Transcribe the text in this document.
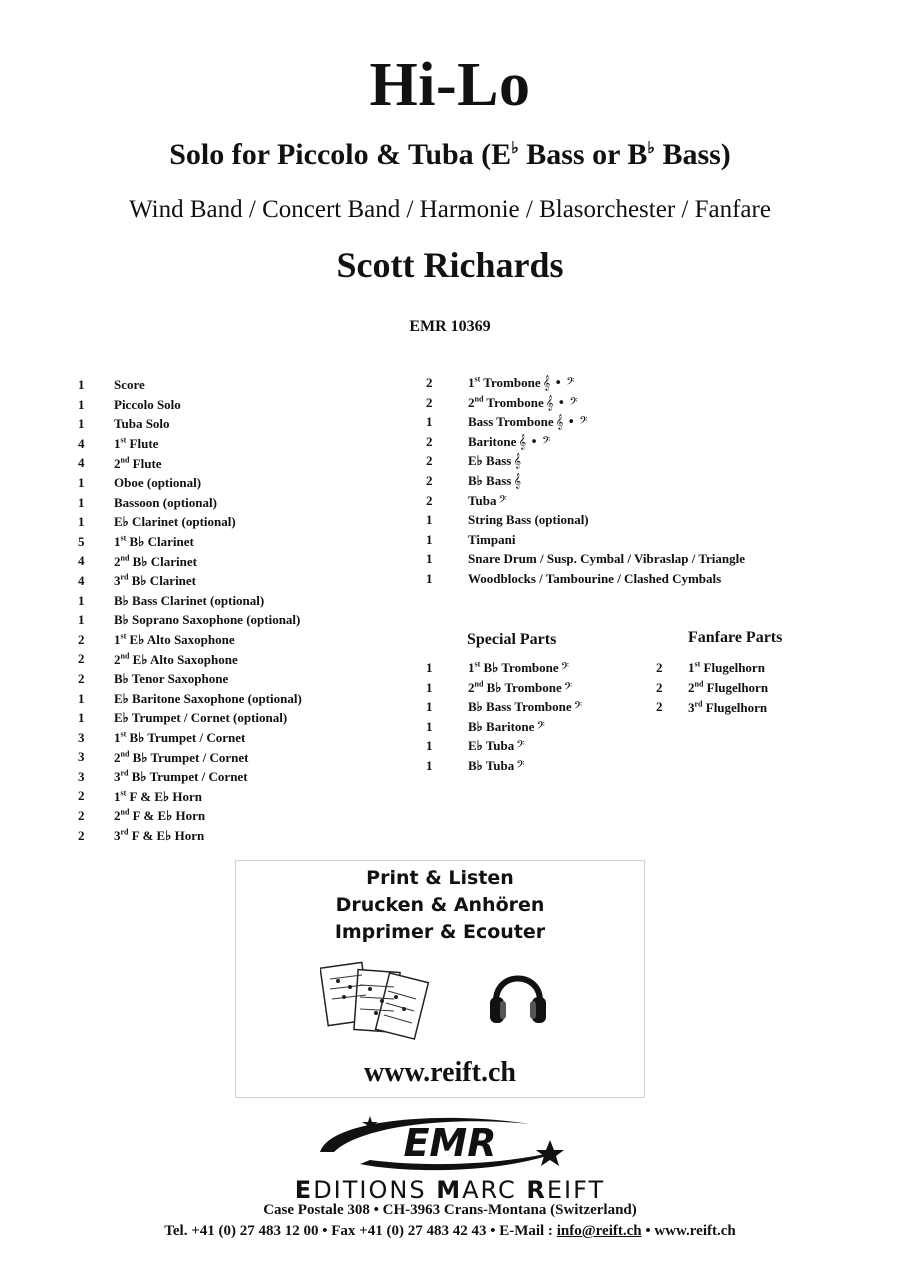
Hi-Lo
Solo for Piccolo & Tuba (E♭ Bass or B♭ Bass)
Wind Band / Concert Band / Harmonie / Blasorchester / Fanfare
Scott Richards
EMR 10369
1 Score
1 Piccolo Solo
1 Tuba Solo
4 1st Flute
4 2nd Flute
1 Oboe (optional)
1 Bassoon (optional)
1 E♭ Clarinet (optional)
5 1st B♭ Clarinet
4 2nd B♭ Clarinet
4 3rd B♭ Clarinet
1 B♭ Bass Clarinet (optional)
1 B♭ Soprano Saxophone (optional)
2 1st E♭ Alto Saxophone
2 2nd E♭ Alto Saxophone
2 B♭ Tenor Saxophone
1 E♭ Baritone Saxophone (optional)
1 E♭ Trumpet / Cornet (optional)
3 1st B♭ Trumpet / Cornet
3 2nd B♭ Trumpet / Cornet
3 3rd B♭ Trumpet / Cornet
2 1st F & E♭ Horn
2 2nd F & E♭ Horn
2 3rd F & E♭ Horn
2	1st Trombone 𝄞 • 𝄢
2	2nd Trombone 𝄞 • 𝄢
1	Bass Trombone 𝄞 • 𝄢
2	Baritone 𝄞 • 𝄢
2	E♭ Bass 𝄞
2	B♭ Bass 𝄞
2	Tuba 𝄢
1	String Bass (optional)
1	Timpani
1	Snare Drum / Susp. Cymbal / Vibraslap / Triangle
1	Woodblocks / Tambourine / Clashed Cymbals
Special Parts
1	1st B♭ Trombone 𝄢
1	2nd B♭ Trombone 𝄢
1	B♭ Bass Trombone 𝄢
1	B♭ Baritone 𝄢
1	E♭ Tuba 𝄢
1	B♭ Tuba 𝄢
Fanfare Parts
2 1st Flugelhorn
2 2nd Flugelhorn
2 3rd Flugelhorn
Print & Listen
Drucken & Anhören
Imprimer & Ecouter
www.reift.ch
EMR
EDITIONS MARC REIFT
Case Postale 308 • CH-3963 Crans-Montana (Switzerland)
Tel. +41 (0) 27 483 12 00 • Fax +41 (0) 27 483 42 43 • E-Mail : info@reift.ch • www.reift.ch
